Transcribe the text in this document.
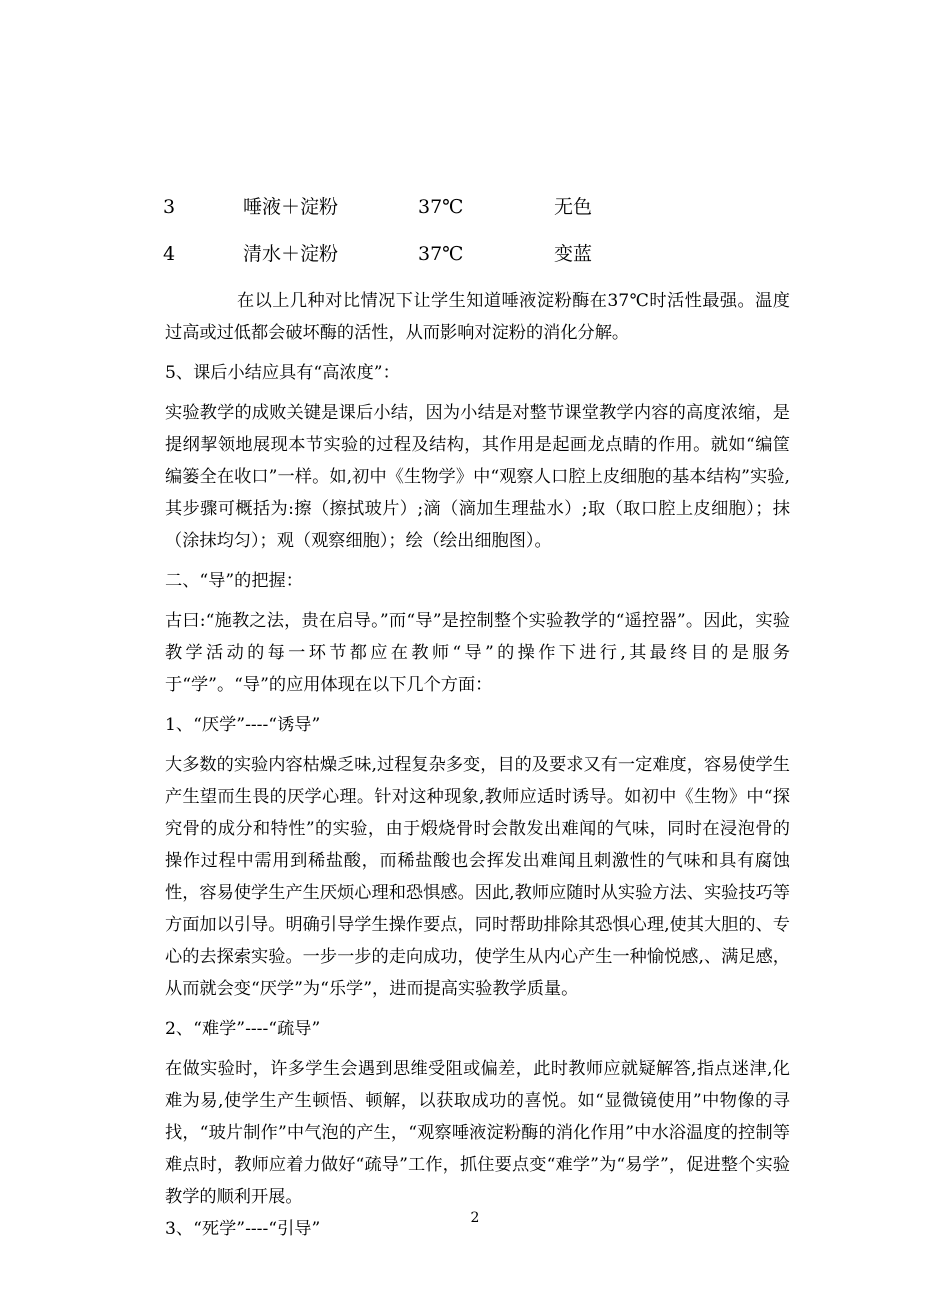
3	唾液＋淀粉	37℃	无色
4	清水＋淀粉	37℃	变蓝

在以上几种对比情况下让学生知道唾液淀粉酶在37℃时活性最强。温度过高或过低都会破坏酶的活性，从而影响对淀粉的消化分解。

5、课后小结应具有“高浓度”：

实验教学的成败关键是课后小结，因为小结是对整节课堂教学内容的高度浓缩，是提纲挈领地展现本节实验的过程及结构，其作用是起画龙点睛的作用。就如“编筐编篓全在收口”一样。如,初中《生物学》中“观察人口腔上皮细胞的基本结构”实验,其步骤可概括为:擦（擦拭玻片）;滴（滴加生理盐水）;取（取口腔上皮细胞）；抹（涂抹均匀）；观（观察细胞）；绘（绘出细胞图）。

二、“导”的把握：

古曰:“施教之法，贵在启导。”而“导”是控制整个实验教学的“遥控器”。因此，实验教学活动的每一环节都应在教师“导”的操作下进行,其最终目的是服务于“学”。“导”的应用体现在以下几个方面：

1、“厌学”----“诱导”

大多数的实验内容枯燥乏味,过程复杂多变，目的及要求又有一定难度，容易使学生产生望而生畏的厌学心理。针对这种现象,教师应适时诱导。如初中《生物》中“探究骨的成分和特性”的实验，由于煅烧骨时会散发出难闻的气味，同时在浸泡骨的操作过程中需用到稀盐酸，而稀盐酸也会挥发出难闻且刺激性的气味和具有腐蚀性，容易使学生产生厌烦心理和恐惧感。因此,教师应随时从实验方法、实验技巧等方面加以引导。明确引导学生操作要点，同时帮助排除其恐惧心理,使其大胆的、专心的去探索实验。一步一步的走向成功，使学生从内心产生一种愉悦感,、满足感，从而就会变“厌学”为“乐学”，进而提高实验教学质量。

2、“难学”----“疏导”

在做实验时，许多学生会遇到思维受阻或偏差，此时教师应就疑解答,指点迷津,化难为易,使学生产生顿悟、顿解，以获取成功的喜悦。如“显微镜使用”中物像的寻找，“玻片制作”中气泡的产生，“观察唾液淀粉酶的消化作用”中水浴温度的控制等难点时，教师应着力做好“疏导”工作，抓住要点变“难学”为“易学”，促进整个实验教学的顺利开展。

3、“死学”----“引导”

2
